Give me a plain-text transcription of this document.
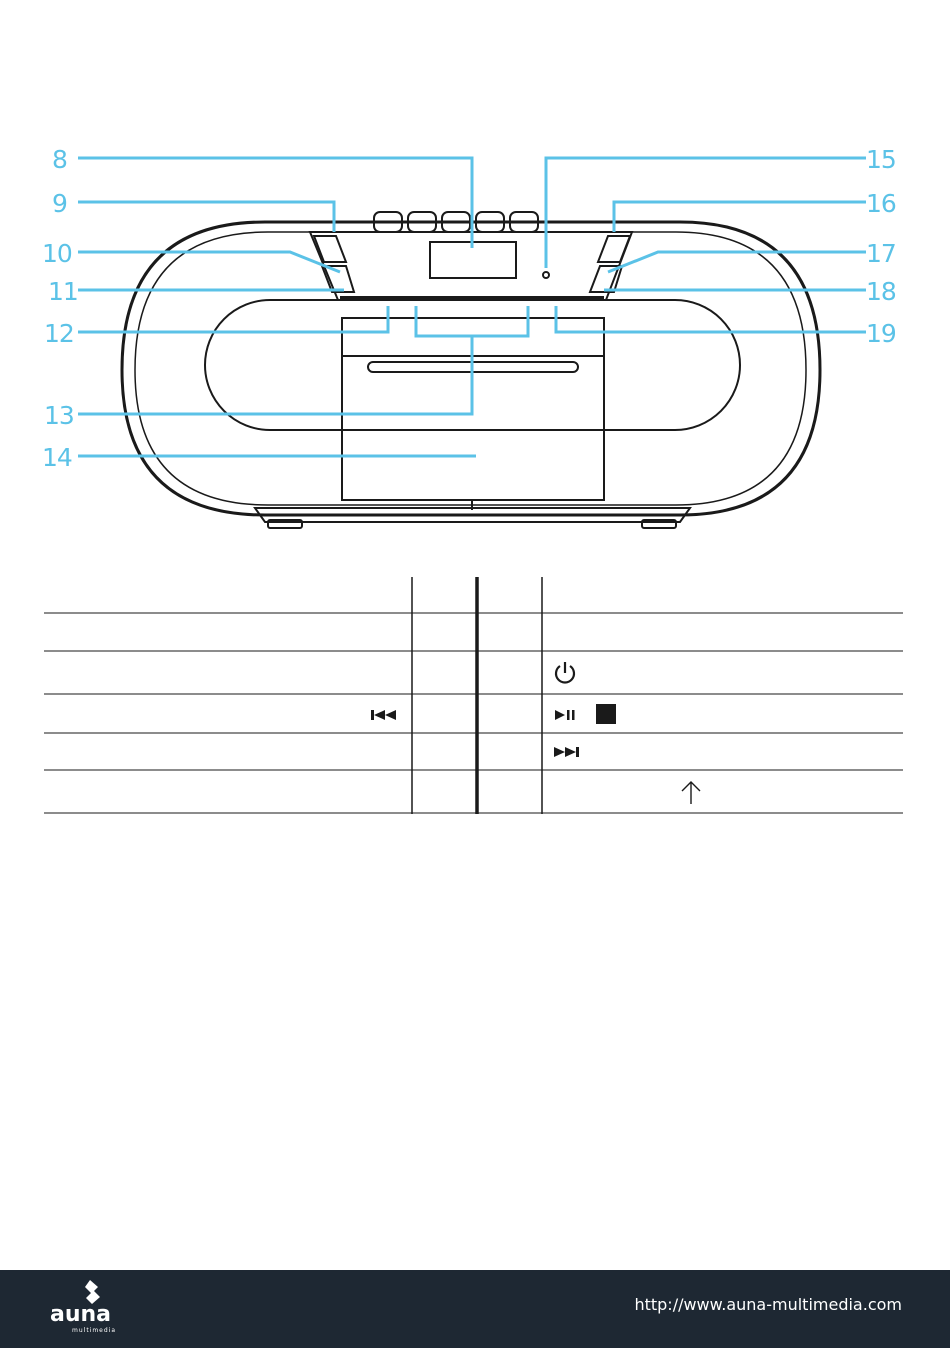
8
9
10
11
12
13
14
15
16
17
18
19
auna
multimedia
http://www.auna-multimedia.com
